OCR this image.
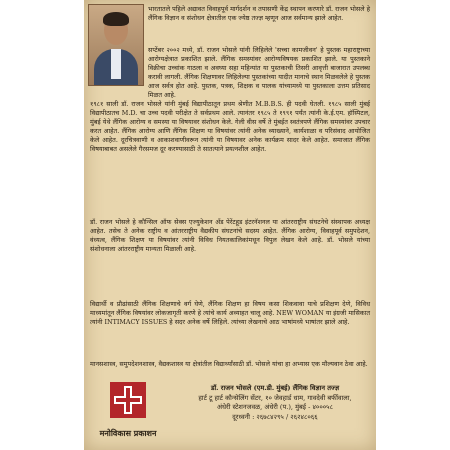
भारतातले पहिले अद्यावत विवाहपूर्व मार्गदर्शन व तपासणी केंद्र स्थापन करणारे डॉ. राजन भोसले हे लैंगिक विज्ञान व संशोधन क्षेत्रातील एक ज्येष्ठ तज्ज्ञ म्हणून आज सर्वमान्य झाले आहेत.

सप्टेंबर २००२ मध्ये, डॉ. राजन भोसले यांनी लिहिलेले 'सच्चा कामजीवन' हे पुस्तक महाराष्ट्राच्या आरोग्यक्षेत्रात प्रकाशित झाले. लैंगिक समस्यांवर आरोग्यविषयक प्रकाशित झाले. या पुस्तकाने विक्रीचा उच्चांक गाठला व अवघ्या सहा महिन्यांत या पुस्तकाची तिसरी आवृत्ती बाजारात उपलब्ध करावी लागली. लैंगिक शिक्षणावर लिहिलेल्या पुस्तकांच्या यादीत मानाचे स्थान मिळवलेले हे पुस्तक आज सर्वत्र होत आहे. पुस्तक, पत्रक, शिक्षक व पालक यांच्यामध्ये या पुस्तकाला उत्तम प्रतिसाद मिळत आहे.

१९८१ साली डॉ. राजन भोसले यांनी मुंबई विद्यापीठातून प्रथम श्रेणीत M.B.B.S. ही पदवी घेतली. १९८५ साली मुंबई विद्यापीठातच M.D. चा उच्च पदवी परीक्षेत ते सर्वप्रथम आले. त्यानंतर १९८५ ते १९९१ पर्यंत त्यांनी के.ई.एम. हॉस्पिटल, मुंबई येथे लैंगिक आरोग्य व समस्या या विषयावर संशोधन केले. गेली वीस वर्षे ते मुंबईत स्वतंत्रपणे लैंगिक समस्यांवर उपचार करत आहेत. लैंगिक आरोग्य आणि लैंगिक शिक्षण या विषयांवर त्यांनी अनेक व्याख्याने, कार्यशाळा व परिसंवाद आयोजित केले आहेत. दूरचित्रवाणी व आकाशवाणीवरून त्यांनी या विषयावर अनेक कार्यक्रम सादर केले आहेत. समाजात लैंगिक विषयाबाबत असलेले गैरसमज दूर करण्यासाठी ते सातत्याने प्रयत्नशील आहेत.

डॉ. राजन भोसले हे कौन्सिल ऑफ सेक्स एज्युकेशन अँड पेरेंटहूड इंटरनॅशनल या आंतरराष्ट्रीय संघटनेचे संस्थापक अध्यक्ष आहेत. तसेच ते अनेक राष्ट्रीय व आंतरराष्ट्रीय वैद्यकीय संघटनांचे सदस्य आहेत. लैंगिक आरोग्य, विवाहपूर्व समुपदेशन, वंध्यत्व, लैंगिक शिक्षण या विषयांवर त्यांनी विविध नियतकालिकांमधून विपुल लेखन केले आहे. डॉ. भोसले यांच्या संशोधनाला आंतरराष्ट्रीय मान्यता मिळाली आहे.

विद्यार्थी व प्रौढांसाठी लैंगिक शिक्षणाचे वर्ग घेणे, लैंगिक शिक्षण हा विषय कसा शिकवावा याचे प्रशिक्षण देणे, विविध माध्यमांतून लैंगिक विषयांवर लोकजागृती करणे हे त्यांचे कार्य अव्याहत चालू आहे. NEW WOMAN या इंग्रजी मासिकात त्यांनी INTIMACY ISSUES हे सदर अनेक वर्षे लिहिले. त्यांच्या लेखनाचे आठ भाषांमध्ये भाषांतर झाले आहे.

मानसशास्त्र, समुपदेशनशास्त्र, वैद्यकशास्त्र या क्षेत्रांतील विद्यार्थ्यांसाठी डॉ. भोसले यांचा हा अभ्यास एक मौल्यवान ठेवा आहे.

मनोविकास प्रकाशन
डॉ. राजन भोसले (एम.डी. मुंबई) लैंगिक विज्ञान तज्ज्ञ
हार्ट टू हार्ट कौन्सेलिंग सेंटर, १० जेवहार्ड धाम, गावदेवी बर्फीवाला,
अंधेरी स्टेशनजवळ, अंधेरी (प.), मुंबई - ४०००५८
दूरध्वनी : २६७८४२९५ / २६२४८०६६
